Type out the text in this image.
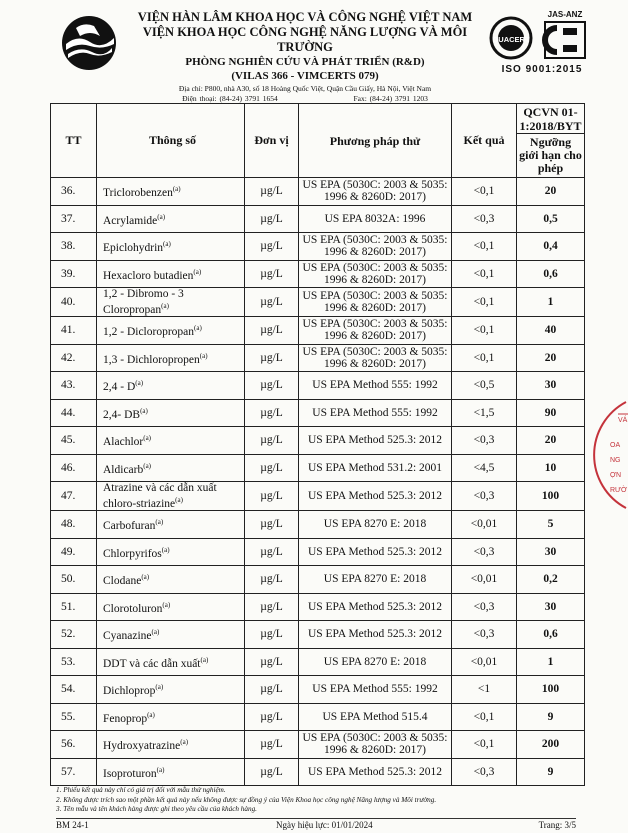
VIỆN HÀN LÂM KHOA HỌC VÀ CÔNG NGHỆ VIỆT NAM
VIỆN KHOA HỌC CÔNG NGHỆ NĂNG LƯỢNG VÀ MÔI TRƯỜNG
PHÒNG NGHIÊN CỨU VÀ PHÁT TRIỂN (R&D)
(VILAS 366 - VIMCERTS 079)
Địa chỉ: P800, nhà A30, số 18 Hoàng Quốc Việt, Quận Cầu Giấy, Hà Nội, Việt Nam
Điện thoại: (84-24) 3791 1654	Fax: (84-24) 3791 1203
QUACERT
JAS-ANZ
ISO 9001:2015
TT	Thông số	Đơn vị	Phương pháp thử	Kết quả	QCVN 01-1:2018/BYT
					Ngưỡng giới hạn cho phép
36.	Triclorobenzen$^{(a)}$	µg/L	US EPA (5030C: 2003 & 5035: 1996 & 8260D: 2017)	<0,1	20
37.	Acrylamide$^{(a)}$	µg/L	US EPA 8032A: 1996	<0,3	0,5
38.	Epiclohydrin$^{(a)}$	µg/L	US EPA (5030C: 2003 & 5035: 1996 & 8260D: 2017)	<0,1	0,4
39.	Hexacloro butadien$^{(a)}$	µg/L	US EPA (5030C: 2003 & 5035: 1996 & 8260D: 2017)	<0,1	0,6
40.	1,2 - Dibromo - 3 Cloropropan$^{(a)}$	µg/L	US EPA (5030C: 2003 & 5035: 1996 & 8260D: 2017)	<0,1	1
41.	1,2 - Dicloropropan$^{(a)}$	µg/L	US EPA (5030C: 2003 & 5035: 1996 & 8260D: 2017)	<0,1	40
42.	1,3 - Dichloropropen$^{(a)}$	µg/L	US EPA (5030C: 2003 & 5035: 1996 & 8260D: 2017)	<0,1	20
43.	$2,4 - D^{(a)}$	µg/L	US EPA Method 555: 1992	<0,5	30
44.	2,4- DB$^{(a)}$	µg/L	US EPA Method 555: 1992	<1,5	90
45.	Alachlor$^{(a)}$	µg/L	US EPA Method 525.3: 2012	<0,3	20
46.	Aldicarb$^{(a)}$	µg/L	US EPA Method 531.2: 2001	<4,5	10
47.	Atrazine và các dẫn xuất chloro-striazine$^{(a)}$	µg/L	US EPA Method 525.3: 2012	<0,3	100
48.	Carbofuran$^{(a)}$	µg/L	US EPA 8270 E: 2018	<0,01	5
49.	Chlorpyrifos$^{(a)}$	µg/L	US EPA Method 525.3: 2012	<0,3	30
50.	Clodane$^{(a)}$	µg/L	US EPA 8270 E: 2018	<0,01	0,2
51.	Clorotoluron$^{(a)}$	µg/L	US EPA Method 525.3: 2012	<0,3	30
52.	Cyanazine$^{(a)}$	µg/L	US EPA Method 525.3: 2012	<0,3	0,6
53.	DDT và các dẫn xuất$^{(a)}$	µg/L	US EPA 8270 E: 2018	<0,01	1
54.	Dichloprop$^{(a)}$	µg/L	US EPA Method 555: 1992	<1	100
55.	Fenoprop$^{(a)}$	µg/L	US EPA Method 515.4	<0,1	9
56.	Hydroxyatrazine$^{(a)}$	µg/L	US EPA (5030C: 2003 & 5035: 1996 & 8260D: 2017)	<0,1	200
57.	Isoproturon$^{(a)}$	µg/L	US EPA Method 525.3: 2012	<0,3	9
VÁ OA NG ỢN RƯỜ
1. Phiếu kết quả này chỉ có giá trị đối với mẫu thử nghiệm.
2. Không được trích sao một phần kết quả này nếu không được sự đồng ý của Viện Khoa học công nghệ Năng lượng và Môi trường.
3. Tên mẫu và tên khách hàng được ghi theo yêu cầu của khách hàng.
BM 24-1	Ngày hiệu lực: 01/01/2024	Trang: 3/5
